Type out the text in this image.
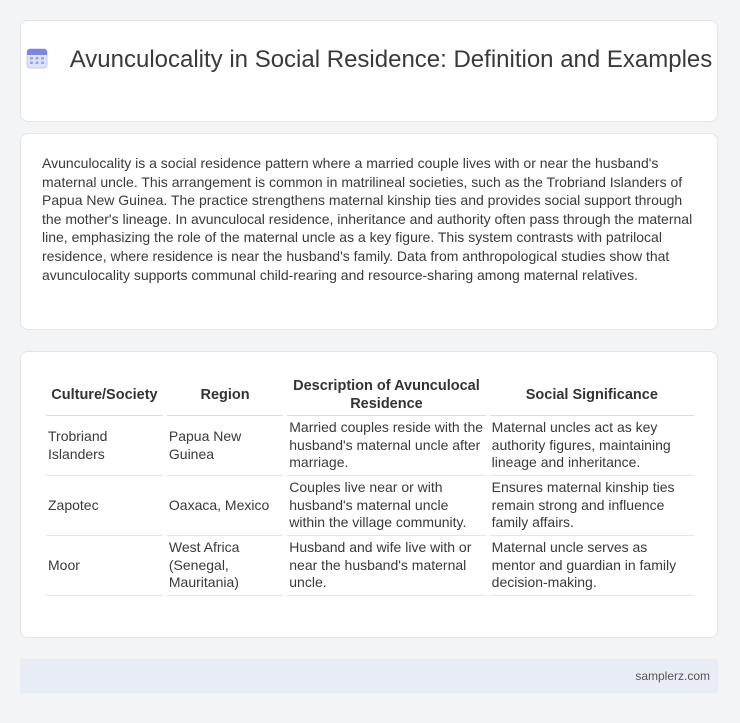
Avunculocality in Social Residence: Definition and Examples

Avunculocality is a social residence pattern where a married couple lives with or near the husband's maternal uncle. This arrangement is common in matrilineal societies, such as the Trobriand Islanders of Papua New Guinea. The practice strengthens maternal kinship ties and provides social support through the mother's lineage. In avunculocal residence, inheritance and authority often pass through the maternal line, emphasizing the role of the maternal uncle as a key figure. This system contrasts with patrilocal residence, where residence is near the husband's family. Data from anthropological studies show that avunculocality supports communal child-rearing and resource-sharing among maternal relatives.

Culture/Society	Region	Description of Avunculocal Residence	Social Significance
Trobriand Islanders	Papua New Guinea	Married couples reside with the husband's maternal uncle after marriage.	Maternal uncles act as key authority figures, maintaining lineage and inheritance.
Zapotec	Oaxaca, Mexico	Couples live near or with husband's maternal uncle within the village community.	Ensures maternal kinship ties remain strong and influence family affairs.
Moor	West Africa (Senegal, Mauritania)	Husband and wife live with or near the husband's maternal uncle.	Maternal uncle serves as mentor and guardian in family decision-making.
samplerz.com
